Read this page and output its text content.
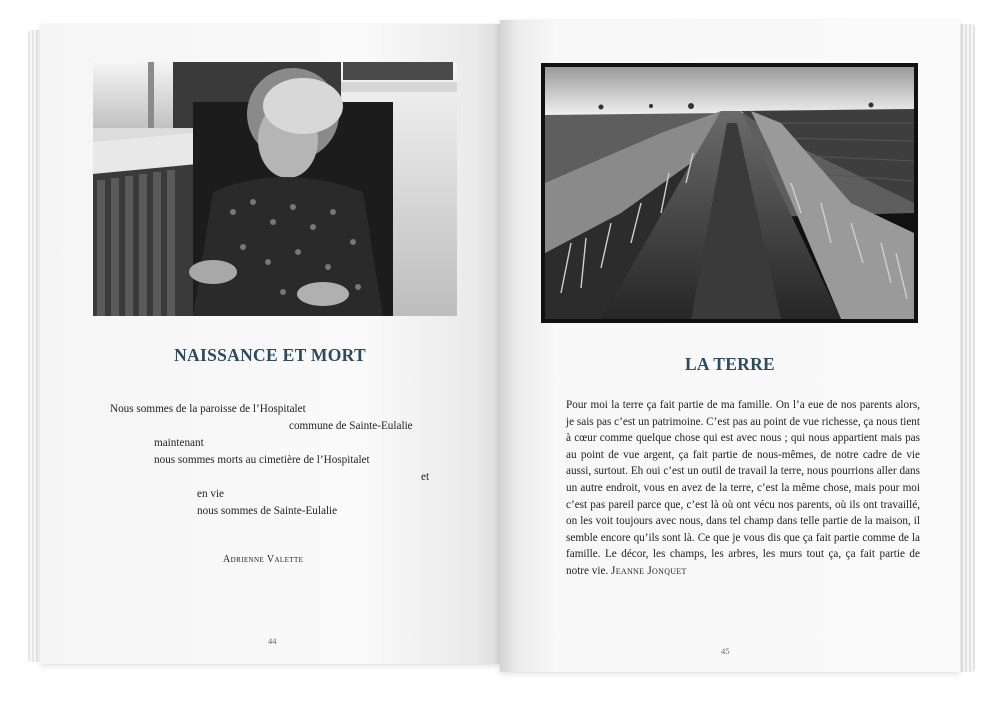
NAISSANCE ET MORT
Nous sommes de la paroisse de l’Hospitalet
commune de Sainte-Eulalie
maintenant
nous sommes morts au cimetière de l’Hospitalet
et
en vie
nous sommes de Sainte-Eulalie
Adrienne Valette
44
LA TERRE

Pour moi la terre ça fait partie de ma famille. On l’a eue de nos parents alors, je sais pas c’est un patrimoine. C’est pas au point de vue richesse, ça nous tient à cœur comme quelque chose qui est avec nous ; qui nous appartient mais pas au point de vue argent, ça fait partie de nous-mêmes, de notre cadre de vie aussi, surtout. Eh oui c’est un outil de travail la terre, nous pourrions aller dans un autre endroit, vous en avez de la terre, c’est la même chose, mais pour moi c’est pas pareil parce que, c’est là où ont vécu nos parents, où ils ont travaillé, on les voit toujours avec nous, dans tel champ dans telle partie de la maison, il semble encore qu’ils sont là. Ce que je vous dis que ça fait partie comme de la famille. Le décor, les champs, les arbres, les murs tout ça, ça fait partie de notre vie. Jeanne Jonquet

45
